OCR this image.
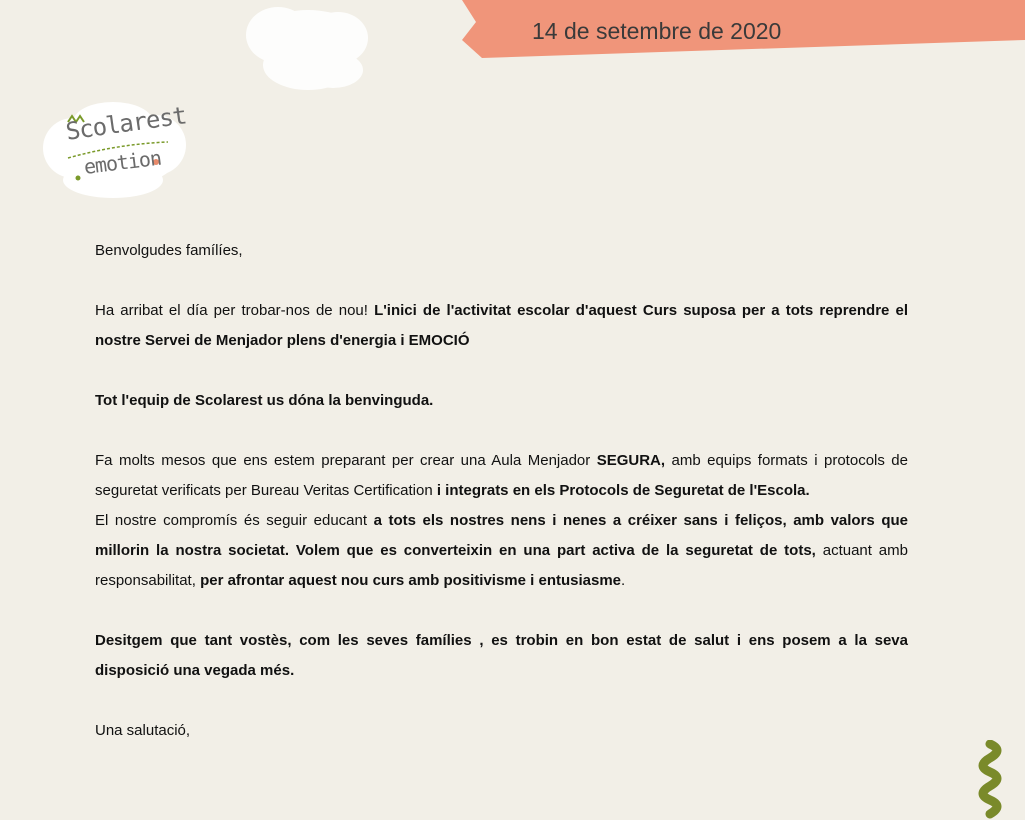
14 de setembre de 2020
Scolarest
emotion

Benvolgudes famílíes,

Ha arribat el día per trobar-nos de nou! L'inici de l'activitat escolar d'aquest Curs suposa per a tots reprendre el nostre Servei de Menjador plens d'energia i EMOCIÓ

Tot l'equip de Scolarest us dóna la benvinguda.

Fa molts mesos que ens estem preparant per crear una Aula Menjador SEGURA, amb equips formats i protocols de seguretat verificats per Bureau Veritas Certification i integrats en els Protocols de Seguretat de l'Escola.

El nostre compromís és seguir educant a tots els nostres nens i nenes a créixer sans i feliços, amb valors que millorin la nostra societat. Volem que es converteixin en una part activa de la seguretat de tots, actuant amb responsabilitat, per afrontar aquest nou curs amb positivisme i entusiasme.

Desitgem que tant vostès, com les seves famílies , es trobin en bon estat de salut i ens posem a la seva disposició una vegada més.

Una salutació,
